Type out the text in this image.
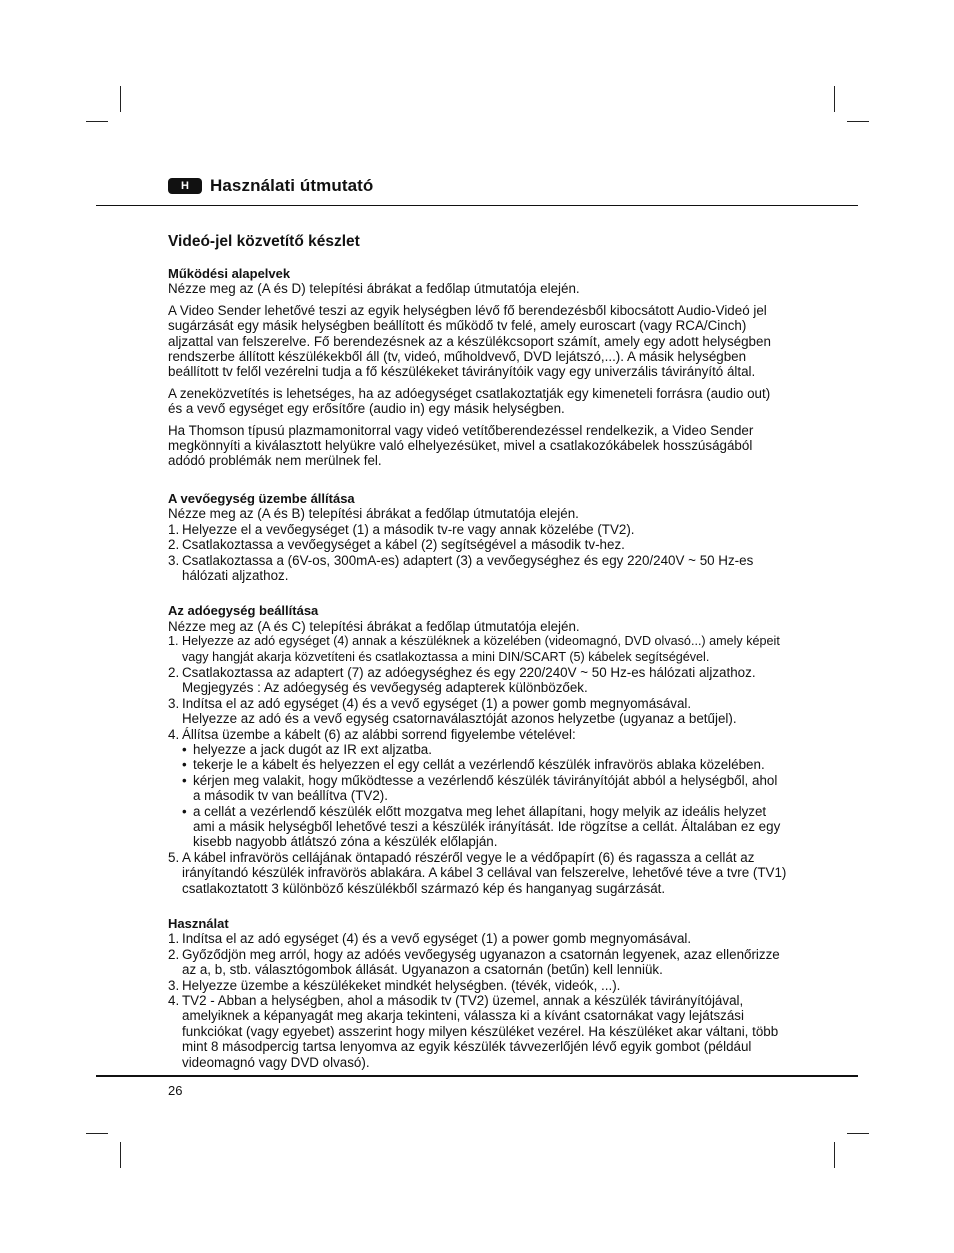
H	Használati útmutató
Videó-jel közvetítő készlet
Működési alapelvek

Nézze meg az (A és D) telepítési ábrákat a fedőlap útmutatója elején.

A Video Sender lehetővé teszi az egyik helységben lévő fő berendezésből kibocsátott Audio-Videó jel sugárzását egy másik helységben beállított és működő tv felé, amely euroscart (vagy RCA/Cinch) aljzattal van felszerelve. Fő berendezésnek az a készülékcsoport számít, amely egy adott helységben rendszerbe állított készülékekből áll (tv, videó, műholdvevő, DVD lejátszó,...). A másik helységben beállított tv felől vezérelni tudja a fő készülékeket távirányítóik vagy egy univerzális távirányító által.

A zeneközvetítés is lehetséges, ha az adóegységet csatlakoztatják egy kimeneteli forrásra (audio out) és a vevő egységet egy erősítőre (audio in) egy másik helységben.

Ha Thomson típusú plazmamonitorral vagy videó vetítőberendezéssel rendelkezik, a Video Sender megkönnyíti a kiválasztott helyükre való elhelyezésüket, mivel a csatlakozókábelek hosszúságából adódó problémák nem merülnek fel.

A vevőegység üzembe állítása

Nézze meg az (A és B) telepítési ábrákat a fedőlap útmutatója elején.

1. Helyezze el a vevőegységet (1) a második tv-re vagy annak közelébe (TV2).
2. Csatlakoztassa a vevőegységet a kábel (2) segítségével a második tv-hez.
3. Csatlakoztassa a (6V-os, 300mA-es) adaptert (3) a vevőegységhez és egy 220/240V ~ 50 Hz-es hálózati aljzathoz.
Az adóegység beállítása

Nézze meg az (A és C) telepítési ábrákat a fedőlap útmutatója elején.

1. Helyezze az adó egységet (4) annak a készüléknek a közelében (videomagnó, DVD olvasó...) amely képeit vagy hangját akarja közvetíteni és csatlakoztassa a mini DIN/SCART (5) kábelek segítségével.
2. Csatlakoztassa az adaptert (7) az adóegységhez és egy 220/240V ~ 50 Hz-es hálózati aljzathoz.
Megjegyzés : Az adóegység és vevőegység adapterek különbözőek.
3. Indítsa el az adó egységet (4) és a vevő egységet (1) a power gomb megnyomásával.
Helyezze az adó és a vevő egység csatornaválasztóját azonos helyzetbe (ugyanaz a betűjel).
4. Állítsa üzembe a kábelt (6) az alábbi sorrend figyelembe vételével:
• helyezze a jack dugót az IR ext aljzatba.
• tekerje le a kábelt és helyezzen el egy cellát a vezérlendő készülék infravörös ablaka közelében.
• kérjen meg valakit, hogy működtesse a vezérlendő készülék távirányítóját abból a helységből, ahol a második tv van beállítva (TV2).
• a cellát a vezérlendő készülék előtt mozgatva meg lehet állapítani, hogy melyik az ideális helyzet ami a másik helységből lehetővé teszi a készülék irányítását. Ide rögzítse a cellát. Általában ez egy kisebb nagyobb átlátszó zóna a készülék előlapján.
5. A kábel infravörös cellájának öntapadó részéről vegye le a védőpapírt (6) és ragassza a cellát az irányítandó készülék infravörös ablakára. A kábel 3 cellával van felszerelve, lehetővé téve a tvre (TV1) csatlakoztatott 3 különböző készülékből származó kép és hanganyag sugárzását.
Használat
1. Indítsa el az adó egységet (4) és a vevő egységet (1) a power gomb megnyomásával.
2. Győződjön meg arról, hogy az adóés vevőegység ugyanazon a csatornán legyenek, azaz ellenőrizze az a, b, stb. választógombok állását. Ugyanazon a csatornán (betűn) kell lenniük.
3. Helyezze üzembe a készülékeket mindkét helységben. (tévék, videók, ...).
4. TV2 - Abban a helységben, ahol a második tv (TV2) üzemel, annak a készülék távirányítójával, amelyiknek a képanyagát meg akarja tekinteni, válassza ki a kívánt csatornákat vagy lejátszási funkciókat (vagy egyebet) asszerint hogy milyen készüléket vezérel. Ha készüléket akar váltani, több mint 8 másodpercig tartsa lenyomva az egyik készülék távvezerlőjén lévő egyik gombot (például videomagnó vagy DVD olvasó).
26
